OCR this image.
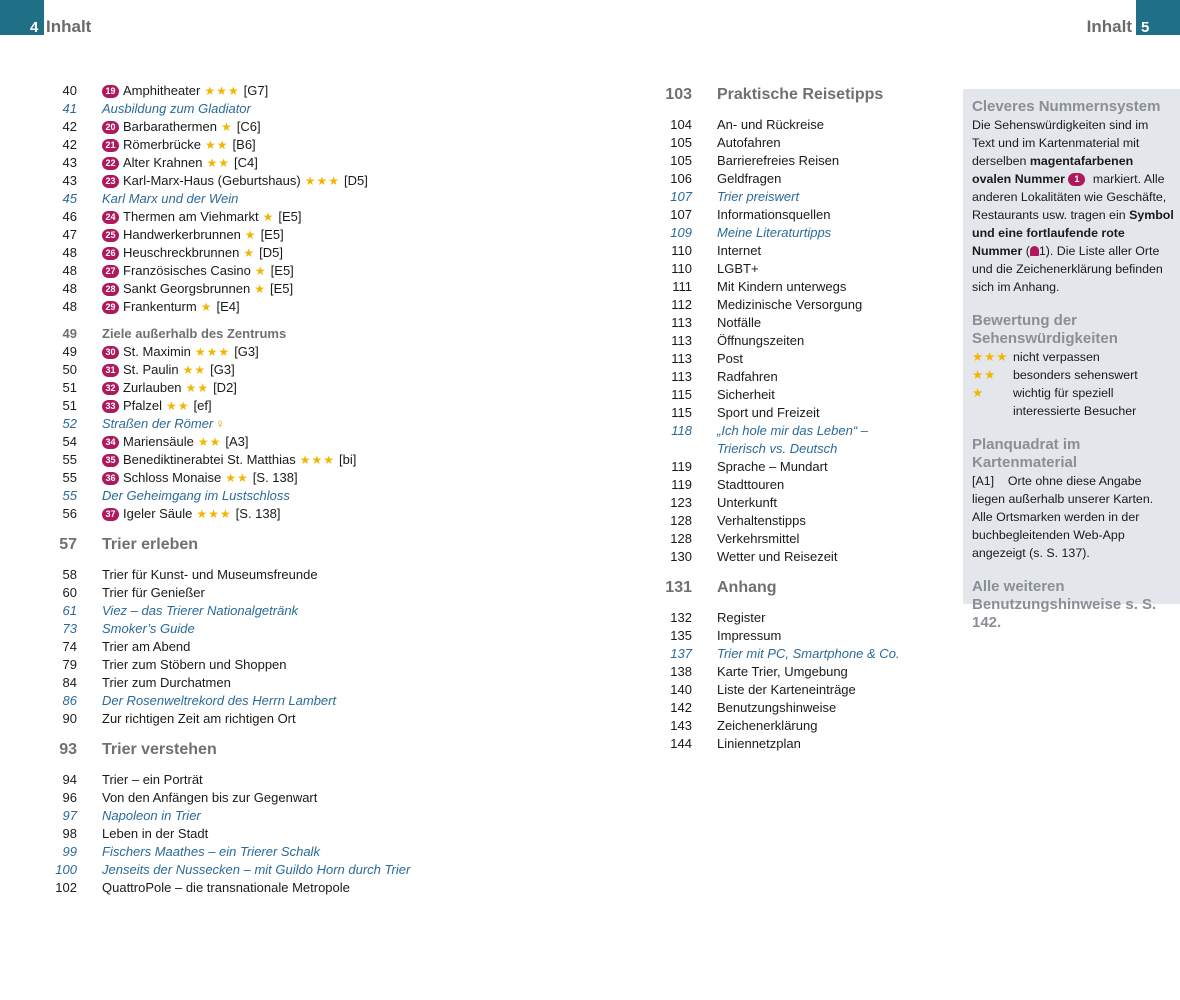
4 Inhalt	5
Inhalt
40	19 Amphitheater ★★★ [G7]
41 Ausbildung zum Gladiator
42	20 Barbarathermen ★ [C6]
42	21 Römerbrücke ★★ [B6]
43	22 Alter Krahnen ★★ [C4]
43	23 Karl-Marx-Haus (Geburtshaus) ★★★ [D5]
45 Karl Marx und der Wein
46	24 Thermen am Viehmarkt ★ [E5]
47	25 Handwerkerbrunnen ★ [E5]
48	26 Heuschreckbrunnen ★ [D5]
48	27 Französisches Casino ★ [E5]
48	28 Sankt Georgsbrunnen ★ [E5]
48	29 Frankenturm ★ [E4]
49 Ziele außerhalb des Zentrums
49	30 St. Maximin ★★★ [G3]
50	31 St. Paulin ★★ [G3]
51	32 Zurlauben ★★ [D2]
51	33 Pfalzel ★★ [ef]
52 Straßen der Römer ♀
54	34 Mariensäule ★★ [A3]
55	35 Benediktinerabtei St. Matthias ★★★ [bi]
55	36 Schloss Monaise ★★ [S. 138]
55 Der Geheimgang im Lustschloss
56	37 Igeler Säule ★★★ [S. 138]
57 Trier erleben
58 Trier für Kunst- und Museumsfreunde
60 Trier für Genießer
61 Viez – das Trierer Nationalgetränk
73 Smoker’s Guide
74 Trier am Abend
79 Trier zum Stöbern und Shoppen
84 Trier zum Durchatmen
86 Der Rosenweltrekord des Herrn Lambert
90 Zur richtigen Zeit am richtigen Ort
93 Trier verstehen
94 Trier – ein Porträt
96 Von den Anfängen bis zur Gegenwart
97 Napoleon in Trier
98 Leben in der Stadt
99 Fischers Maathes – ein Trierer Schalk
100 Jenseits der Nussecken – mit Guildo Horn durch Trier
102 QuattroPole – die transnationale Metropole
103 Praktische Reisetipps
104 An- und Rückreise
105 Autofahren
105 Barrierefreies Reisen
106 Geldfragen
107 Trier preiswert
107 Informationsquellen
109 Meine Literaturtipps
110 Internet
110 LGBT+
111 Mit Kindern unterwegs
112 Medizinische Versorgung
113 Notfälle
113 Öffnungszeiten
113 Post
113 Radfahren
115 Sicherheit
115 Sport und Freizeit
118 „Ich hole mir das Leben“ –
Trierisch vs. Deutsch
119 Sprache – Mundart
119 Stadttouren
123 Unterkunft
128 Verhaltenstipps
128 Verkehrsmittel
130 Wetter und Reisezeit
131 Anhang
132 Register
135 Impressum
137 Trier mit PC, Smartphone & Co.
138 Karte Trier, Umgebung
140 Liste der Karteneinträge
142 Benutzungshinweise
143 Zeichenerklärung
144 Liniennetzplan
Cleveres Nummernsystem
Die Sehenswürdigkeiten sind im Text und im Kartenmaterial mit derselben magentafarbenen ovalen Nummer 1 markiert. Alle anderen Lokalitäten wie Geschäfte, Restaurants usw. tragen ein Symbol und eine fortlaufende rote Nummer ( 1). Die Liste aller Orte und die Zeichenerklärung befinden sich im Anhang.
Bewertung der Sehenswürdigkeiten
★★★ nicht verpassen
★★ besonders sehenswert
★ wichtig für speziell
interessierte Besucher
Planquadrat im Kartenmaterial
[A1] Orte ohne diese Angabe liegen außerhalb unserer Karten. Alle Ortsmarken werden in der buchbegleitenden Web-App angezeigt (s. S. 137).
Alle weiteren Benutzungshinweise s. S. 142.
